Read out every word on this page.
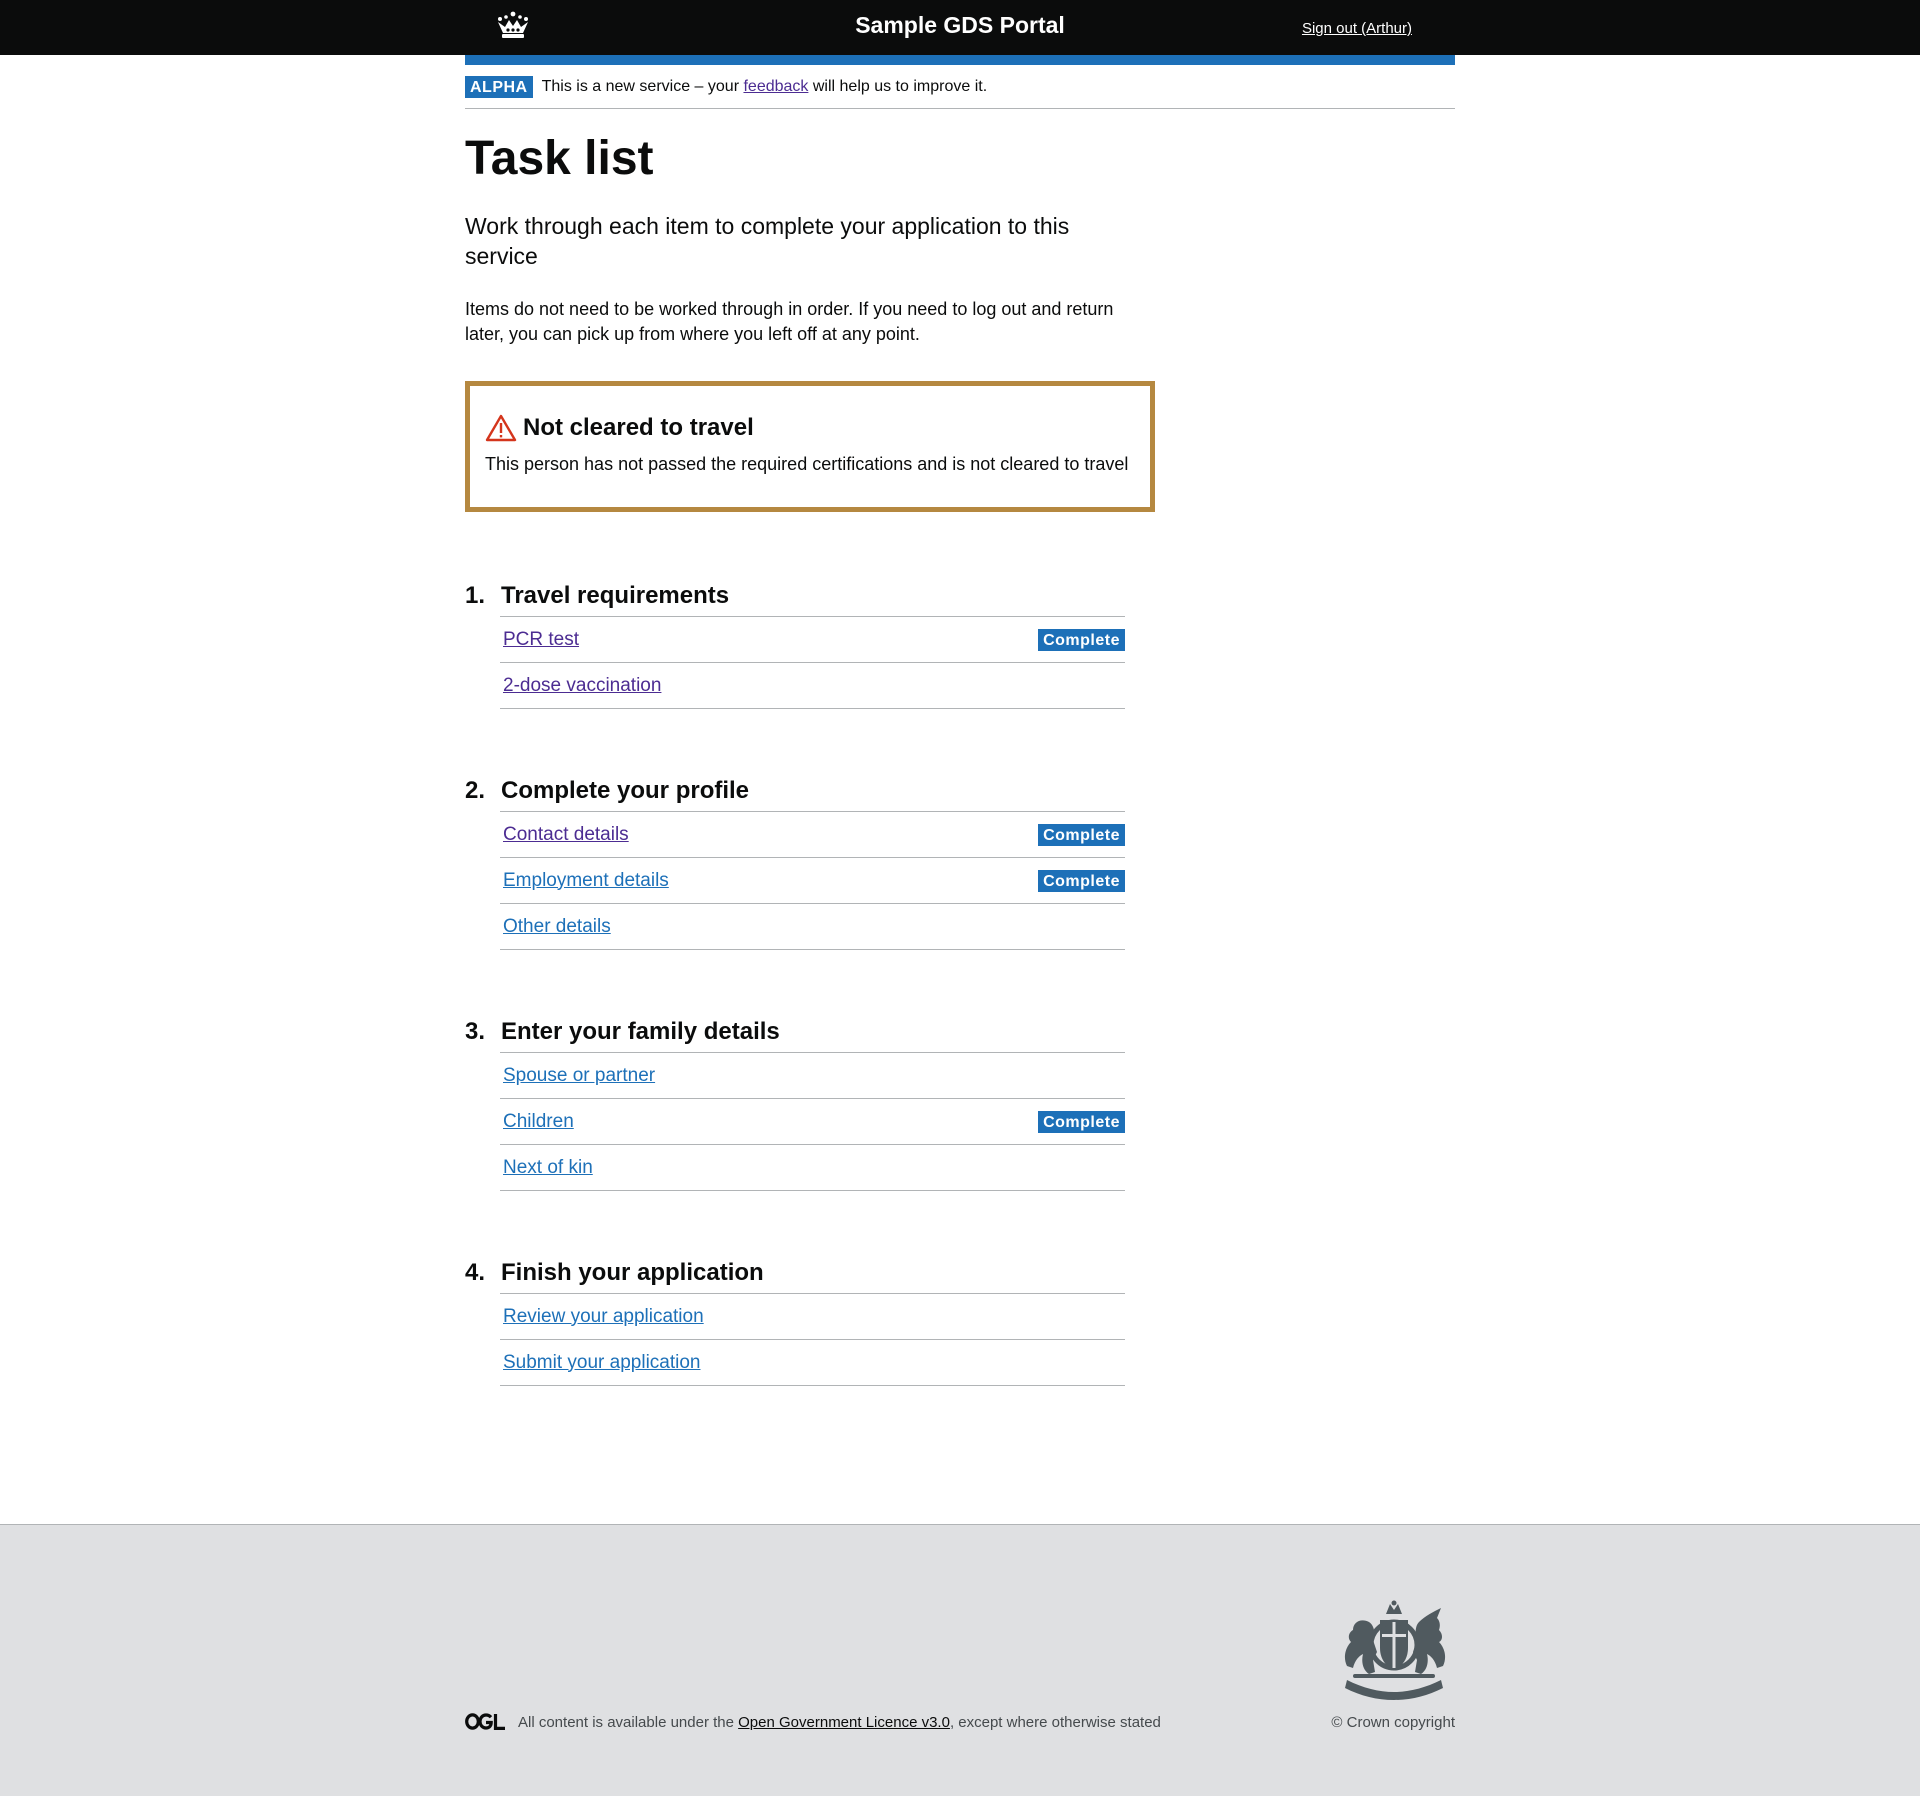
Sample GDS Portal	Sign out (Arthur)
ALPHA This is a new service – your feedback will help us to improve it.
Task list

Work through each item to complete your application to this service

Items do not need to be worked through in order. If you need to log out and return later, you can pick up from where you left off at any point.

Not cleared to travel
This person has not passed the required certifications and is not cleared to travel
1. Travel requirements
PCR test	Complete
2-dose vaccination
2. Complete your profile
Contact details	Complete
Employment details	Complete
Other details
3. Enter your family details
Spouse or partner
Children	Complete
Next of kin
4. Finish your application
Review your application
Submit your application
All content is available under the Open Government Licence v3.0, except where otherwise stated	© Crown copyright
